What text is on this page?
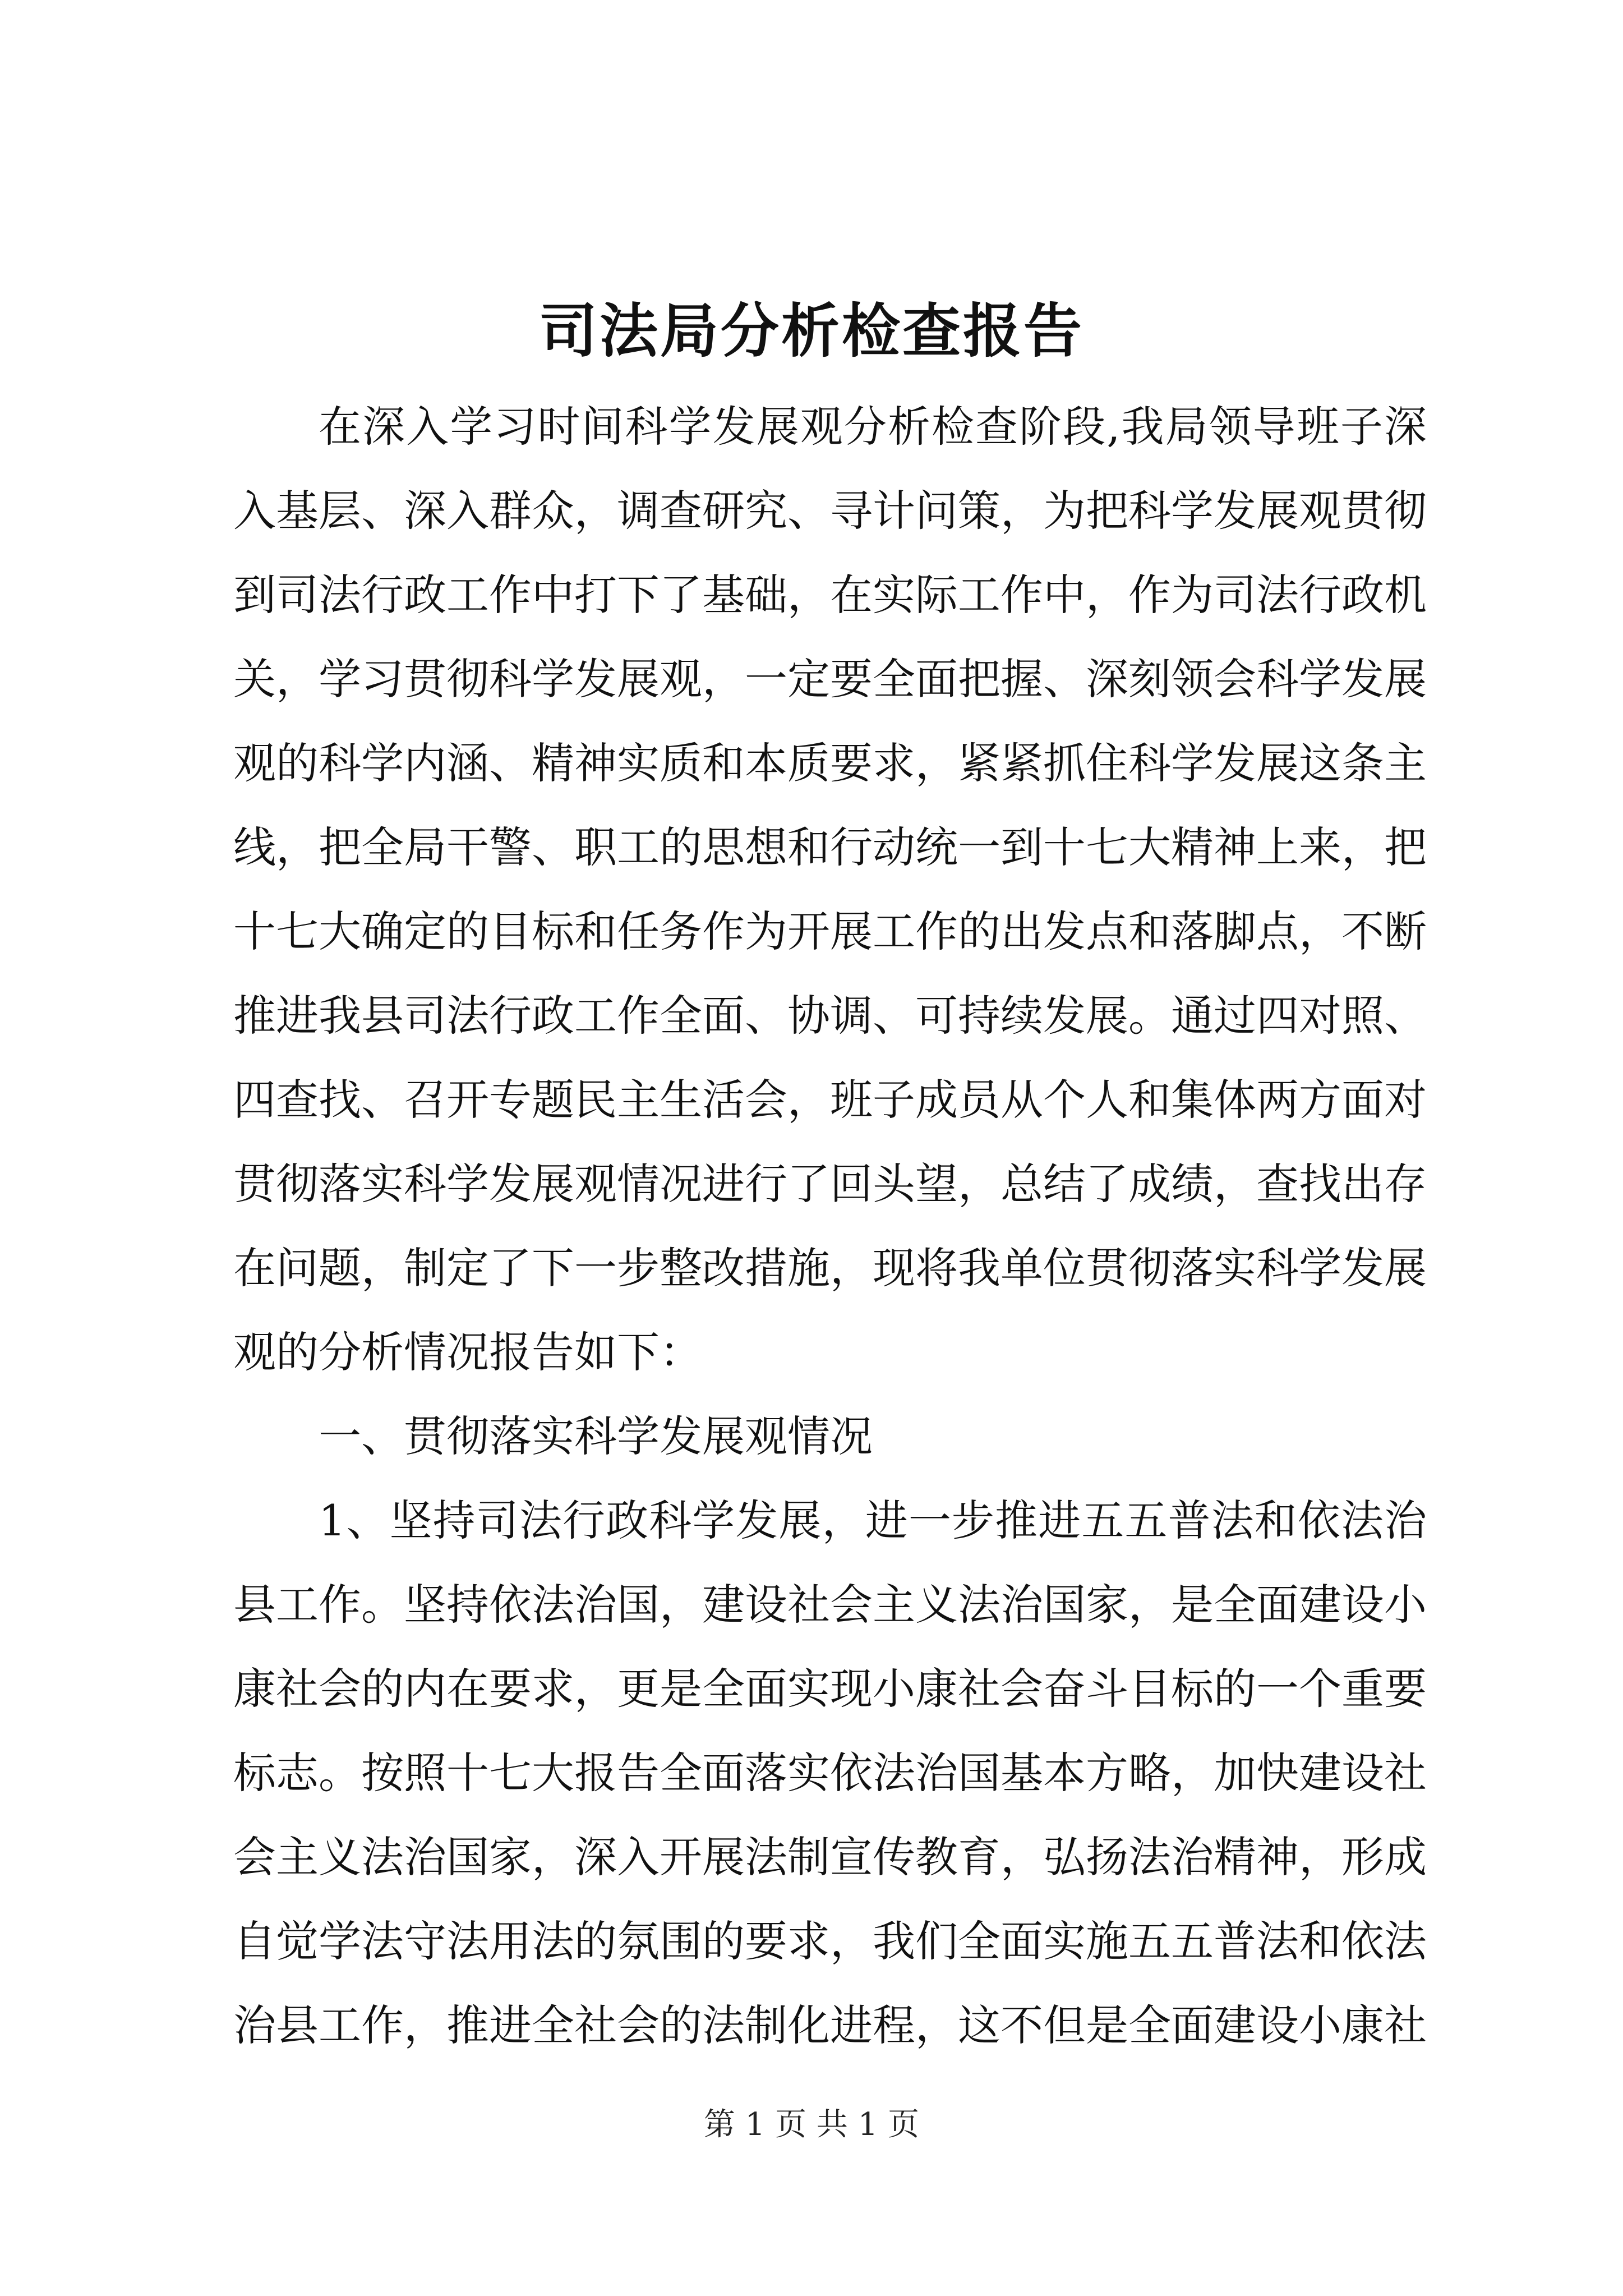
司法局分析检查报告
在深入学习时间科学发展观分析检查阶段,我局领导班子深
入基层、深入群众，调查研究、寻计问策，为把科学发展观贯彻
到司法行政工作中打下了基础，在实际工作中，作为司法行政机
关，学习贯彻科学发展观，一定要全面把握、深刻领会科学发展
观的科学内涵、精神实质和本质要求，紧紧抓住科学发展这条主
线，把全局干警、职工的思想和行动统一到十七大精神上来，把
十七大确定的目标和任务作为开展工作的出发点和落脚点，不断
推进我县司法行政工作全面、协调、可持续发展。通过四对照、
四查找、召开专题民主生活会，班子成员从个人和集体两方面对
贯彻落实科学发展观情况进行了回头望，总结了成绩，查找出存
在问题，制定了下一步整改措施，现将我单位贯彻落实科学发展
观的分析情况报告如下：
一、贯彻落实科学发展观情况
1、坚持司法行政科学发展，进一步推进五五普法和依法治
县工作。坚持依法治国，建设社会主义法治国家，是全面建设小
康社会的内在要求，更是全面实现小康社会奋斗目标的一个重要
标志。按照十七大报告全面落实依法治国基本方略，加快建设社
会主义法治国家，深入开展法制宣传教育，弘扬法治精神，形成
自觉学法守法用法的氛围的要求，我们全面实施五五普法和依法
治县工作，推进全社会的法制化进程，这不但是全面建设小康社
第 1 页 共 1 页
